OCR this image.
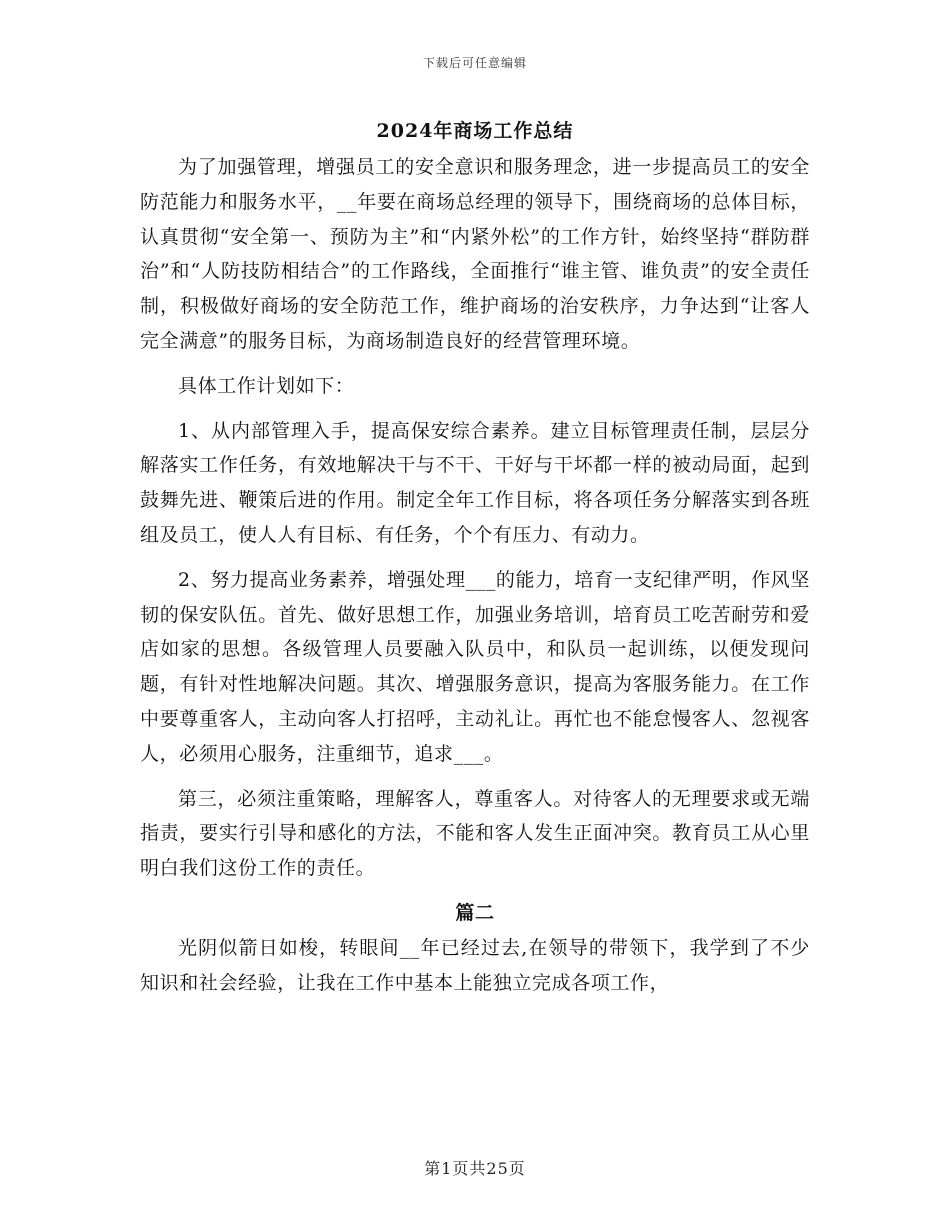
下载后可任意编辑
2024年商场工作总结

为了加强管理，增强员工的安全意识和服务理念，进一步提高员工的安全防范能力和服务水平，__年要在商场总经理的领导下，围绕商场的总体目标，认真贯彻“安全第一、预防为主”和“内紧外松”的工作方针，始终坚持“群防群治”和“人防技防相结合”的工作路线，全面推行“谁主管、谁负责”的安全责任制，积极做好商场的安全防范工作，维护商场的治安秩序，力争达到“让客人完全满意”的服务目标，为商场制造良好的经营管理环境。

具体工作计划如下：

1、从内部管理入手，提高保安综合素养。建立目标管理责任制，层层分解落实工作任务，有效地解决干与不干、干好与干坏都一样的被动局面，起到鼓舞先进、鞭策后进的作用。制定全年工作目标，将各项任务分解落实到各班组及员工，使人人有目标、有任务，个个有压力、有动力。

2、努力提高业务素养，增强处理___的能力，培育一支纪律严明，作风坚韧的保安队伍。首先、做好思想工作，加强业务培训，培育员工吃苦耐劳和爱店如家的思想。各级管理人员要融入队员中，和队员一起训练，以便发现问题，有针对性地解决问题。其次、增强服务意识，提高为客服务能力。在工作中要尊重客人，主动向客人打招呼，主动礼让。再忙也不能怠慢客人、忽视客人，必须用心服务，注重细节，追求___。

第三，必须注重策略，理解客人，尊重客人。对待客人的无理要求或无端指责，要实行引导和感化的方法，不能和客人发生正面冲突。教育员工从心里明白我们这份工作的责任。

篇二

光阴似箭日如梭，转眼间__年已经过去,在领导的带领下，我学到了不少知识和社会经验，让我在工作中基本上能独立完成各项工作，

第1页共25页
